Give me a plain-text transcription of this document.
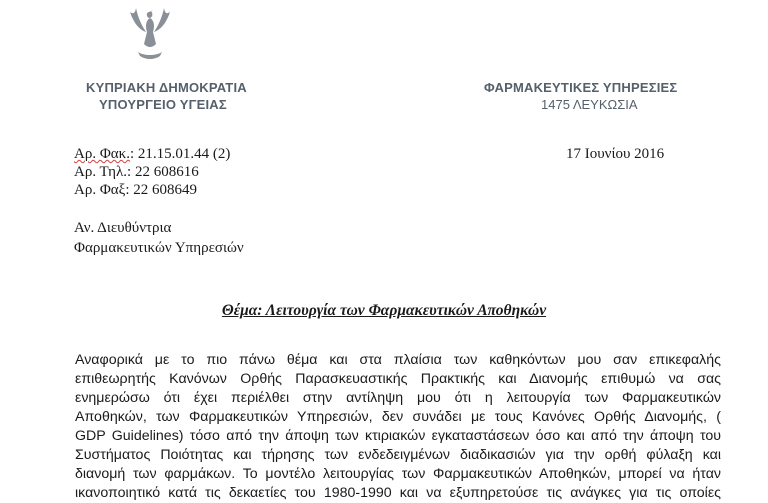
ΚΥΠΡΙΑΚΗ ΔΗΜΟΚΡΑΤΙΑ
ΥΠΟΥΡΓΕΙΟ ΥΓΕΙΑΣ
ΦΑΡΜΑΚΕΥΤΙΚΕΣ ΥΠΗΡΕΣΙΕΣ
1475 ΛΕΥΚΩΣΙΑ
Αρ. Φακ.: 21.15.01.44 (2)
Αρ. Τηλ.: 22 608616
Αρ. Φαξ: 22 608649
17 Ιουνίου 2016
Αν. Διευθύντρια
Φαρμακευτικών Υπηρεσιών
Θέμα: Λειτουργία των Φαρμακευτικών Αποθηκών
Αναφορικά με το πιο πάνω θέμα και στα πλαίσια των καθηκόντων μου σαν επικεφαλής
επιθεωρητής Κανόνων Ορθής Παρασκευαστικής Πρακτικής και Διανομής επιθυμώ να σας
ενημερώσω ότι έχει περιέλθει στην αντίληψη μου ότι η λειτουργία των Φαρμακευτικών
Αποθηκών, των Φαρμακευτικών Υπηρεσιών, δεν συνάδει με τους Κανόνες Ορθής Διανομής, (
GDP Guidelines) τόσο από την άποψη των κτιριακών εγκαταστάσεων όσο και από την άποψη του
Συστήματος Ποιότητας και τήρησης των ενδεδειγμένων διαδικασιών για την ορθή φύλαξη και
διανομή των φαρμάκων. Το μοντέλο λειτουργίας των Φαρμακευτικών Αποθηκών, μπορεί να ήταν
ικανοποιητικό κατά τις δεκαετίες του 1980-1990 και να εξυπηρετούσε τις ανάγκες για τις οποίες
